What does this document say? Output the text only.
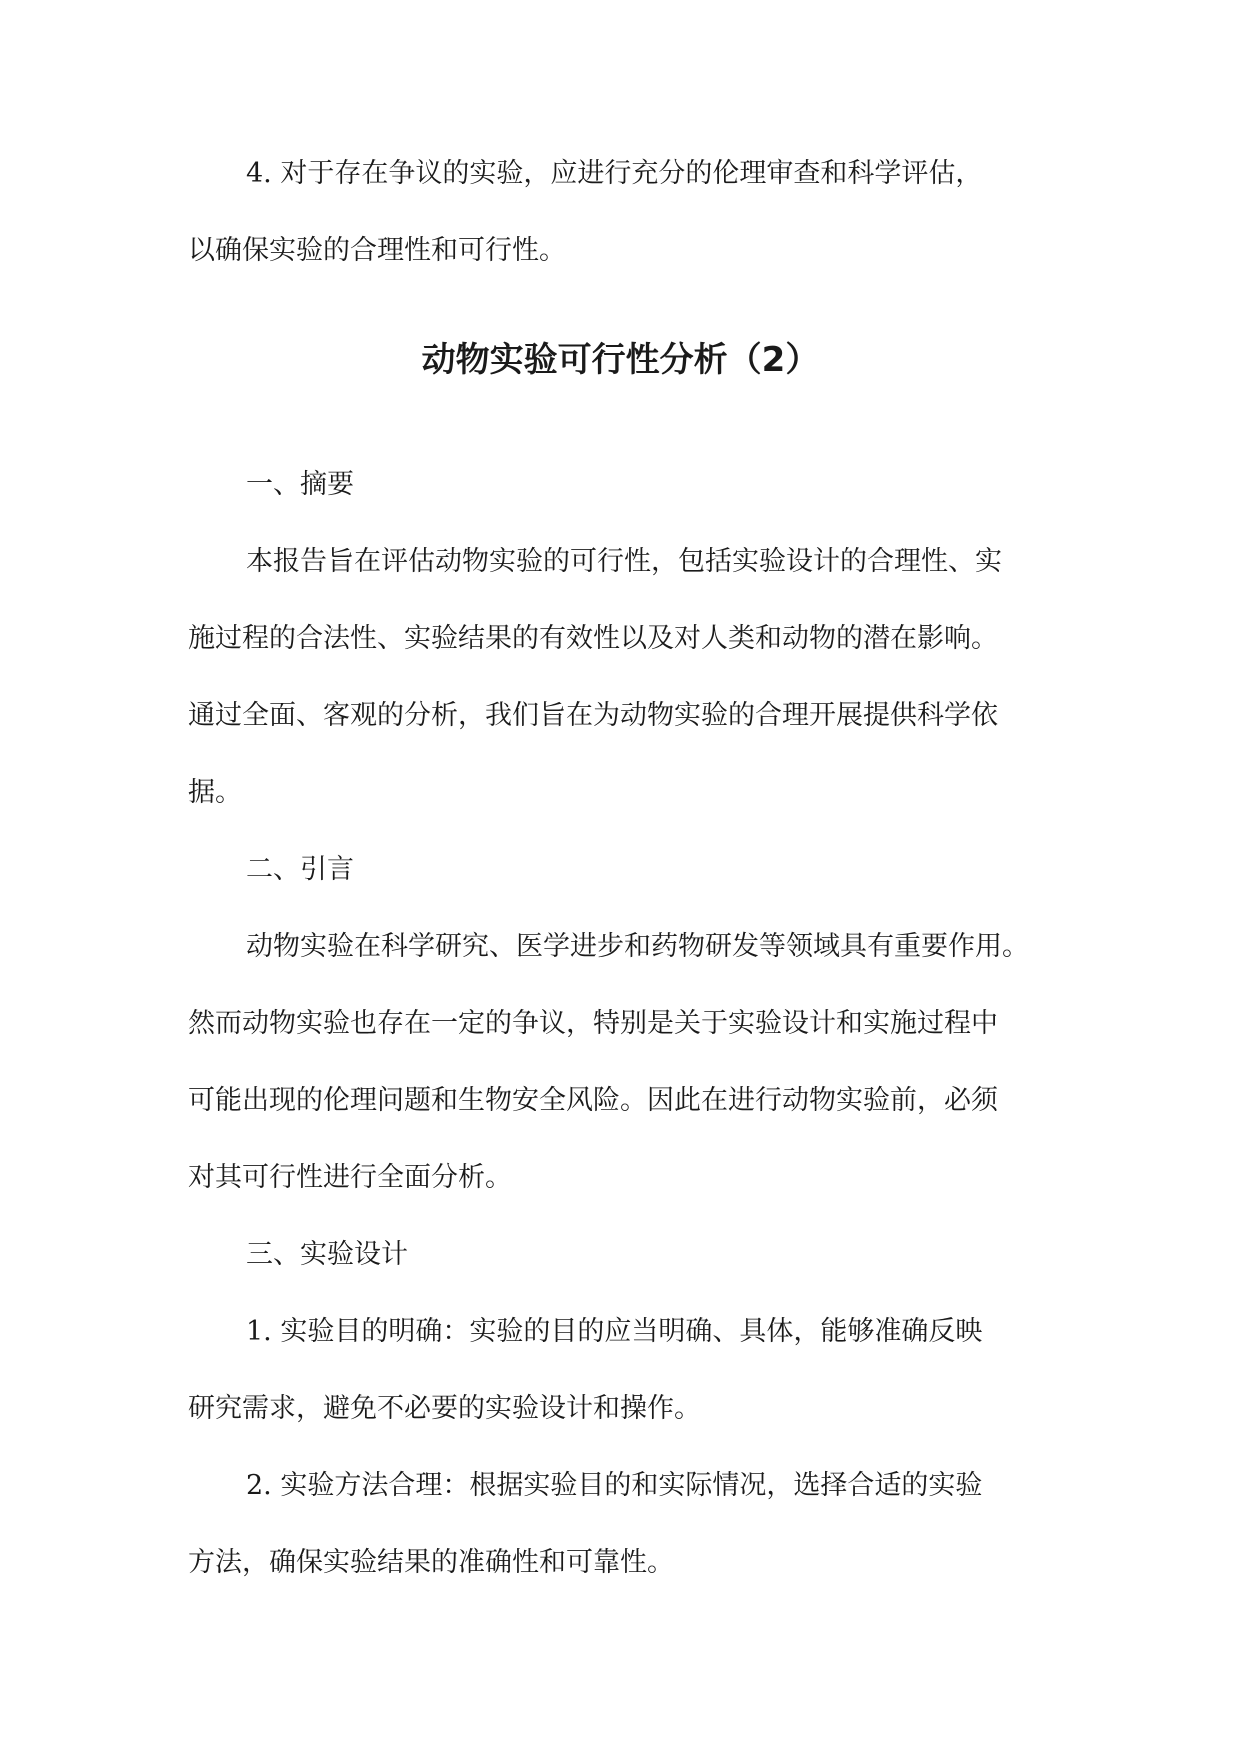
4. 对于存在争议的实验，应进行充分的伦理审查和科学评估，

以确保实验的合理性和可行性。

动物实验可行性分析（2）

一、摘要

本报告旨在评估动物实验的可行性，包括实验设计的合理性、实

施过程的合法性、实验结果的有效性以及对人类和动物的潜在影响。

通过全面、客观的分析，我们旨在为动物实验的合理开展提供科学依

据。

二、引言

动物实验在科学研究、医学进步和药物研发等领域具有重要作用。

然而动物实验也存在一定的争议，特别是关于实验设计和实施过程中

可能出现的伦理问题和生物安全风险。因此在进行动物实验前，必须

对其可行性进行全面分析。

三、实验设计

1. 实验目的明确：实验的目的应当明确、具体，能够准确反映

研究需求，避免不必要的实验设计和操作。

2. 实验方法合理：根据实验目的和实际情况，选择合适的实验

方法，确保实验结果的准确性和可靠性。
